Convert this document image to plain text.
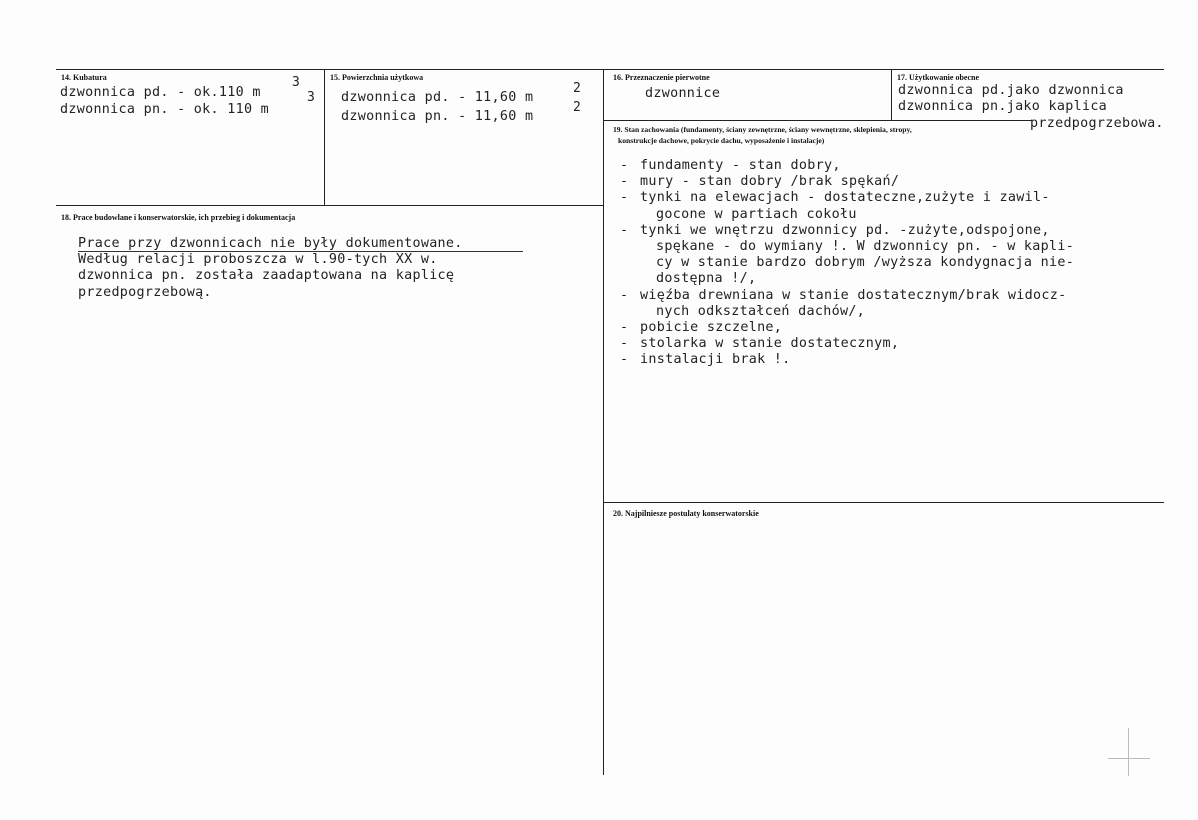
14. Kubatura
dzwonnica pd. - ok.110 m
3
3
dzwonnica pn. - ok. 110 m
15. Powierzchnia użytkowa
dzwonnica pd. - 11,60 m
2
dzwonnica pn. - 11,60 m
2
16. Przeznaczenie pierwotne
dzwonnice
17. Użytkowanie obecne
dzwonnica pd.jako dzwonnica
dzwonnica pn.jako kaplica
przedpogrzebowa.
19. Stan zachowania (fundamenty, ściany zewnętrzne, ściany wewnętrzne, sklepienia, stropy,
konstrukcje dachowe, pokrycie dachu, wyposażenie i instalacje)
- fundamenty - stan dobry,
- mury - stan dobry /brak spękań/
- tynki na elewacjach - dostateczne,zużyte i zawil-
gocone w partiach cokołu
- tynki we wnętrzu dzwonnicy pd. -zużyte,odspojone,
spękane - do wymiany !. W dzwonnicy pn. - w kapli-
cy w stanie bardzo dobrym /wyższa kondygnacja nie-
dostępna !/,
- więźba drewniana w stanie dostatecznym/brak widocz-
nych odkształceń dachów/,
- pobicie szczelne,
- stolarka w stanie dostatecznym,
- instalacji brak !.
18. Prace budowlane i konserwatorskie, ich przebieg i dokumentacja
Prace przy dzwonnicach nie były dokumentowane.
Według relacji proboszcza w l.90-tych XX w.
dzwonnica pn. została zaadaptowana na kaplicę
przedpogrzebową.
20. Najpilniesze postulaty konserwatorskie
